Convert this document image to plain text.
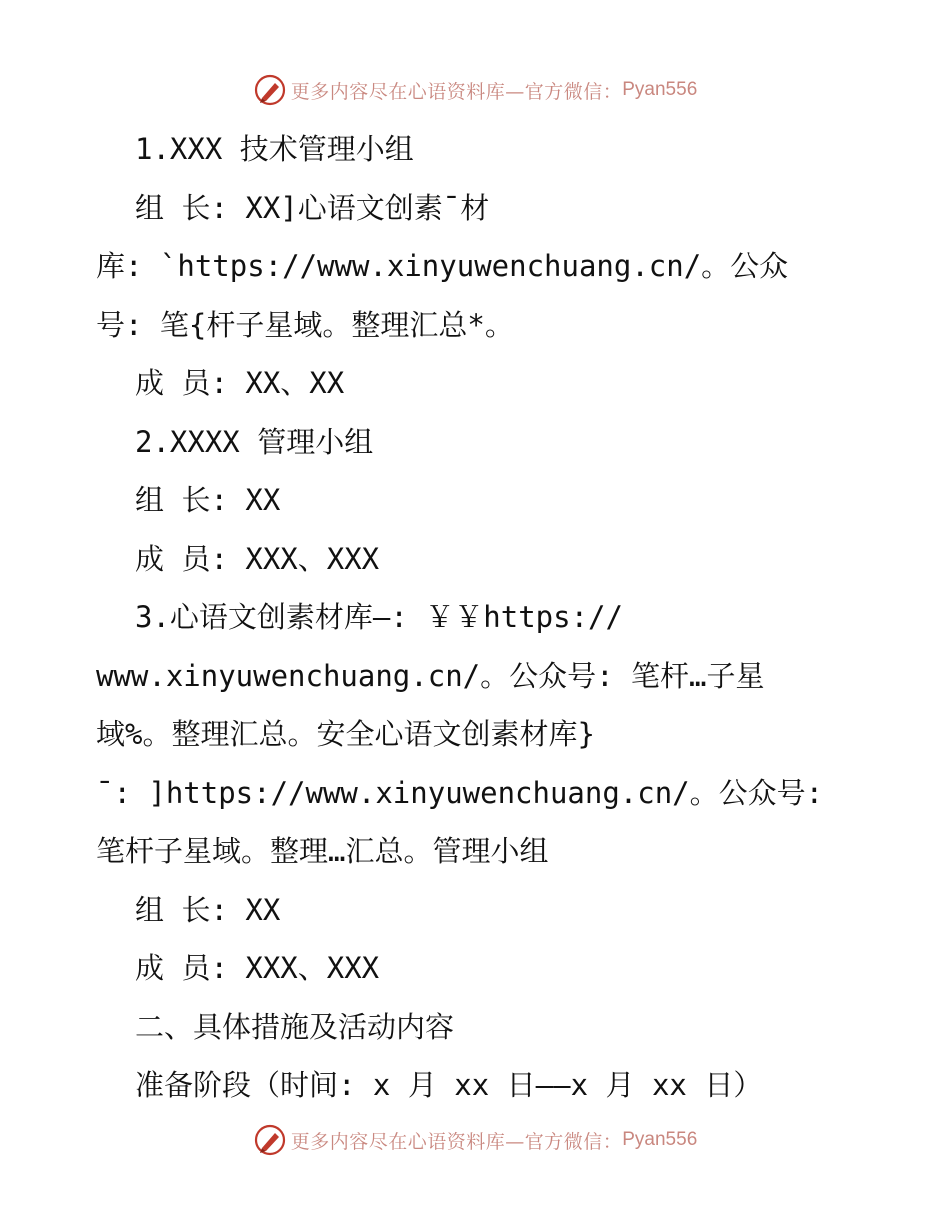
更多内容尽在心语资料库—官方微信： Pyan556
1.XXX 技术管理小组
组 长: XX]心语文创素¯材
库: `https://www.xinyuwenchuang.cn/。公众
号: 笔{杆子星域。整理汇总*。
成 员: XX、XX
2.XXXX 管理小组
组 长: XX
成 员: XXX、XXX
3.心语文创素材库—: ￥￥https://
www.xinyuwenchuang.cn/。公众号: 笔杆…子星
域%。整理汇总。安全心语文创素材库}
¯: ]https://www.xinyuwenchuang.cn/。公众号:
笔杆子星域。整理…汇总。管理小组
组 长: XX
成 员: XXX、XXX
二、具体措施及活动内容
准备阶段（时间: x 月 xx 日——x 月 xx 日）
更多内容尽在心语资料库—官方微信： Pyan556
